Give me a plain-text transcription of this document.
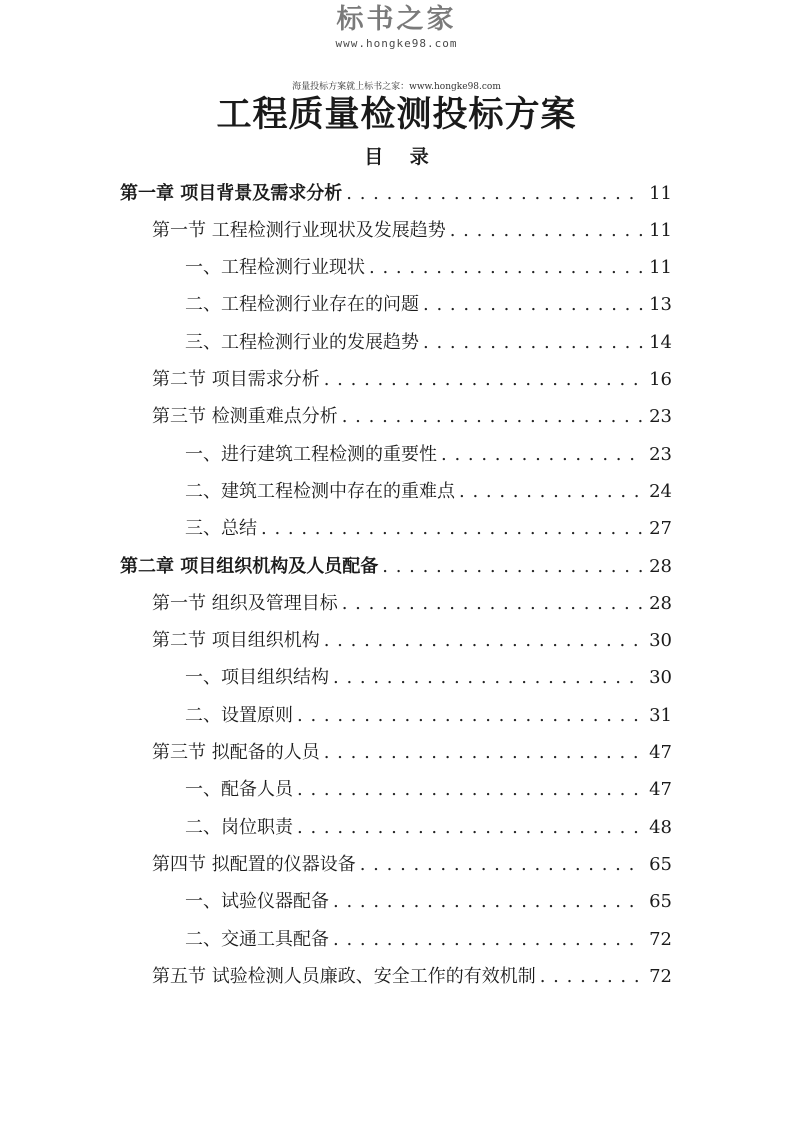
标书之家
www.hongke98.com
海量投标方案就上标书之家：www.hongke98.com
工程质量检测投标方案
目 录
第一章 项目背景及需求分析 . . .	11
第一节 工程检测行业现状及发展趋势 . . .	11
一、工程检测行业现状 . . .	11
二、工程检测行业存在的问题 . . .	13
三、工程检测行业的发展趋势 . . .	14
第二节 项目需求分析 . . .	16
第三节 检测重难点分析 . . .	23
一、进行建筑工程检测的重要性 . . .	23
二、建筑工程检测中存在的重难点 . . .	24
三、总结 . . .	27
第二章 项目组织机构及人员配备 . . .	28
第一节 组织及管理目标 . . .	28
第二节 项目组织机构 . . .	30
一、项目组织结构 . . .	30
二、设置原则 . . .	31
第三节 拟配备的人员 . . .	47
一、配备人员 . . .	47
二、岗位职责 . . .	48
第四节 拟配置的仪器设备 . . .	65
一、试验仪器配备 . . .	65
二、交通工具配备 . . .	72
第五节 试验检测人员廉政、安全工作的有效机制 . . .	72
